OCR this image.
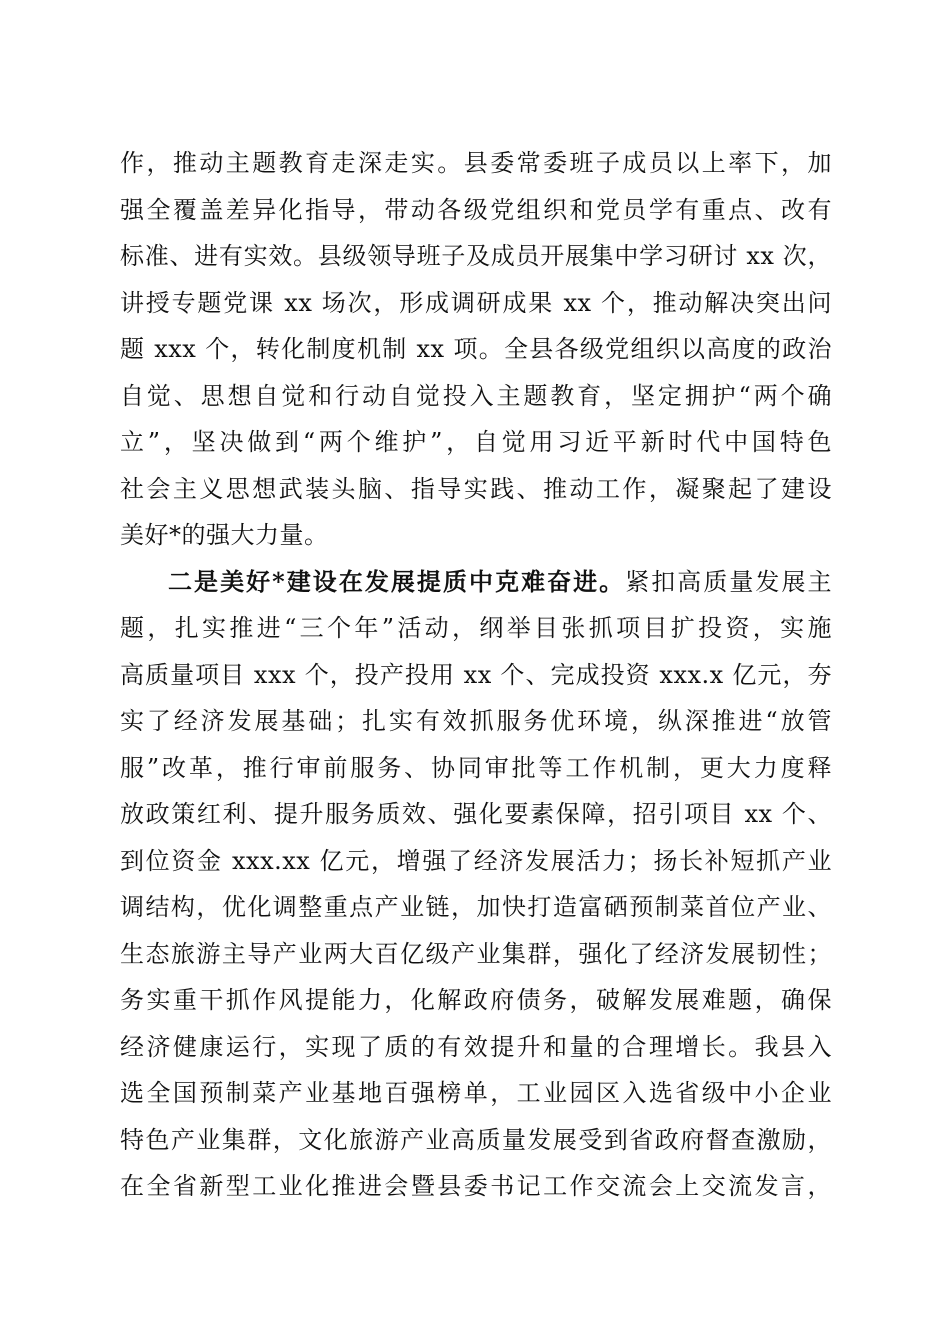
作，推动主题教育走深走实。县委常委班子成员以上率下，加
强全覆盖差异化指导，带动各级党组织和党员学有重点、改有
标准、进有实效。县级领导班子及成员开展集中学习研讨 xx 次，
讲授专题党课 xx 场次，形成调研成果 xx 个，推动解决突出问
题 xxx 个，转化制度机制 xx 项。全县各级党组织以高度的政治
自觉、思想自觉和行动自觉投入主题教育，坚定拥护“两个确
立”，坚决做到“两个维护”，自觉用习近平新时代中国特色
社会主义思想武装头脑、指导实践、推动工作，凝聚起了建设
美好*的强大力量。
二是美好*建设在发展提质中克难奋进。紧扣高质量发展主
题，扎实推进“三个年”活动，纲举目张抓项目扩投资，实施
高质量项目 xxx 个，投产投用 xx 个、完成投资 xxx.x 亿元，夯
实了经济发展基础；扎实有效抓服务优环境，纵深推进“放管
服”改革，推行审前服务、协同审批等工作机制，更大力度释
放政策红利、提升服务质效、强化要素保障，招引项目 xx 个、
到位资金 xxx.xx 亿元，增强了经济发展活力；扬长补短抓产业
调结构，优化调整重点产业链，加快打造富硒预制菜首位产业、
生态旅游主导产业两大百亿级产业集群，强化了经济发展韧性；
务实重干抓作风提能力，化解政府债务，破解发展难题，确保
经济健康运行，实现了质的有效提升和量的合理增长。我县入
选全国预制菜产业基地百强榜单，工业园区入选省级中小企业
特色产业集群，文化旅游产业高质量发展受到省政府督查激励，
在全省新型工业化推进会暨县委书记工作交流会上交流发言，
